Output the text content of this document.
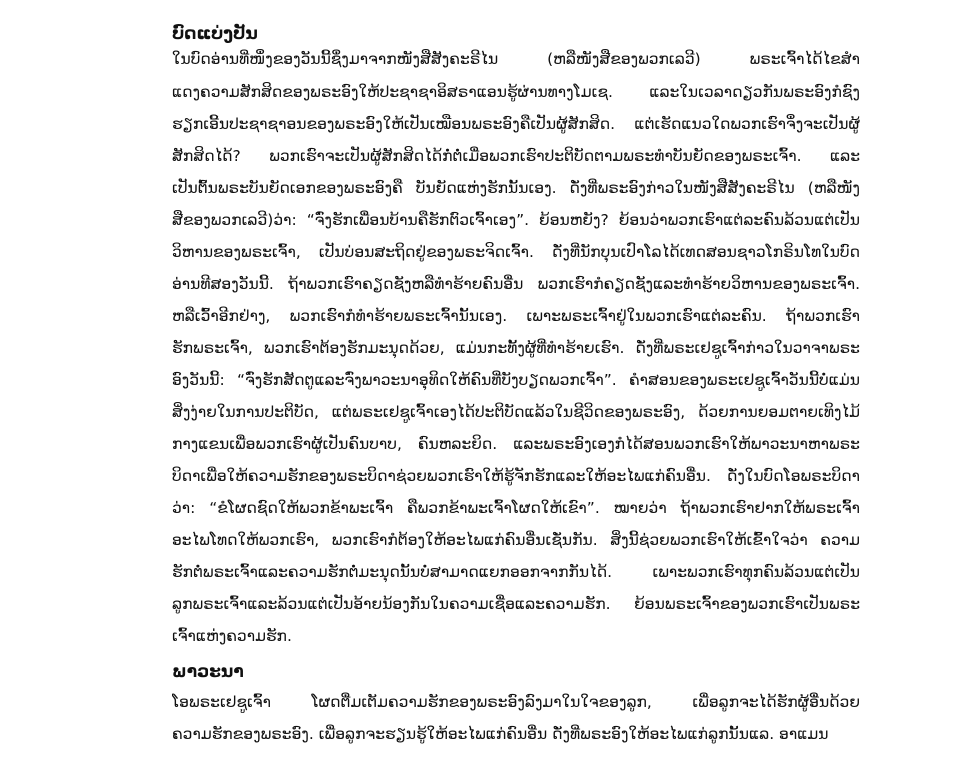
ບົດແບ່ງປັນ

ໃນບົດອ່ານທີ່ໜຶ່ງຂອງວັນນີ້ຊຶ່ງມາຈາກໜັງສືສັງຄະຣີໄນ (ຫລືໜັງສືຂອງພວກເລວີ) ພຣະເຈົ້າໄດ້ໄຂສຳ

ແດງຄວາມສັກສິດຂອງພຣະອົງໃຫ້ປະຊາຊາອິສຣາແອນຮູ້ຜ່ານທາງໂມເຊ. ແລະໃນເວລາດຽວກັນພຣະອົງກໍຊົງ

ຮຽກເອີ້ນປະຊາຊາອນຂອງພຣະອົງໃຫ້ເປັນເໝືອນພຣະອົງຄືເປັນຜູ້ສັກສິດ. ແຕ່ເຮັດແນວໃດພວກເຮົາຈຶ່ງຈະເປັນຜູ້

ສັກສິດໄດ້? ພວກເຮົາຈະເປັນຜູ້ສັກສິດໄດ້ກໍ່ຕໍ່ເມື່ອພວກເຮົາປະຕິບັດຕາມພຣະທຳບັນຍັດຂອງພຣະເຈົ້າ. ແລະ

ເປັນຕົ້ນພຣະບັນຍັດເອກຂອງພຣະອົງຄື ບັນຍັດແຫ່ງຮັກນັ້ນເອງ. ດັ່ງທີ່ພຣະອົງກ່າວໃນໜັງສືສັງຄະຣີໄນ (ຫລືໜັງ

ສືຂອງພວກເລວີ)ວ່າ: “ຈົ່ງຮັກເພື່ອນບ້ານຄືຮັກຕົວເຈົ້າເອງ”. ຍ້ອນຫຍັງ? ຍ້ອນວ່າພວກເຮົາແຕ່ລະຄົນລ້ວນແຕ່ເປັນ

ວິຫານຂອງພຣະເຈົ້າ, ເປັນບ່ອນສະຖິດຢູ່ຂອງພຣະຈິດເຈົ້າ. ດັ່ງທີ່ນັກບຸນເປົາໂລໄດ້ເທດສອນຊາວໂກຣິນໂທໃນບົດ

ອ່ານທີສອງວັນນີ້. ຖ້າພວກເຮົາຄຽດຊັງຫລືທຳຮ້າຍຄົນອື່ນ ພວກເຮົາກໍຄຽດຊັງແລະທຳຮ້າຍວິຫານຂອງພຣະເຈົ້າ.

ຫລືເວົ້າອີກຢ່າງ, ພວກເຮົາກໍທຳຮ້າຍພຣະເຈົ້ານັ້ນເອງ. ເພາະພຣະເຈົ້າຢູ່ໃນພວກເຮົາແຕ່ລະຄົນ. ຖ້າພວກເຮົາ

ຮັກພຣະເຈົ້າ, ພວກເຮົາຕ້ອງຮັກມະນຸດດ້ວຍ, ແມ່ນກະທັ້ງຜູ້ທີ່ທຳຮ້າຍເຮົາ. ດັ່ງທີ່ພຣະເຢຊູເຈົ້າກ່າວໃນວາຈາພຣະ

ອົງວັນນີ້: “ຈົ່ງຮັກສັດຕູແລະຈົ່ງພາວະນາອຸທິດໃຫ້ຄົນທີ່ບັງບຽດພວກເຈົ້າ”. ຄຳສອນຂອງພຣະເຢຊູເຈົ້າວັນນີ້ບໍ່ແມ່ນ

ສິ່ງງ່າຍໃນການປະຕິບັດ, ແຕ່ພຣະເຢຊູເຈົ້າເອງໄດ້ປະຕິບັດແລ້ວໃນຊີວິດຂອງພຣະອົງ, ດ້ວຍການຍອມຕາຍເທິງໄມ້

ກາງແຂນເພື່ອພວກເຮົາຜູ້ເປັນຄົນບາບ, ຄົນຫລະຍິດ. ແລະພຣະອົງເອງກໍໄດ້ສອນພວກເຮົາໃຫ້ພາວະນາຫາພຣະ

ບິດາເພື່ອໃຫ້ຄວາມຮັກຂອງພຣະບິດາຊ່ວຍພວກເຮົາໃຫ້ຮູ້ຈັກຮັກແລະໃຫ້ອະໄພແກ່ຄົນອື່ນ. ດັ່ງໃນບົດໂອພຣະບິດາ

ວ່າ: “ຂໍໂຜດຊົດໃຫ້ພວກຂ້າພະເຈົ້າ ຄືພວກຂ້າພະເຈົ້າໂຜດໃຫ້ເຂົາ”. ໝາຍວ່າ ຖ້າພວກເຮົາຢາກໃຫ້ພຣະເຈົ້າ

ອະໄພໂທດໃຫ້ພວກເຮົາ, ພວກເຮົາກໍຕ້ອງໃຫ້ອະໄພແກ່ຄົນອື່ນເຊັ່ນກັນ. ສິ່ງນີ້ຊ່ວຍພວກເຮົາໃຫ້ເຂົ້າໃຈວ່າ ຄວາມ

ຮັກຕໍ່ພຣະເຈົ້າແລະຄວາມຮັກຕໍ່ມະນຸດນັ້ນບໍ່ສາມາດແຍກອອກຈາກກັນໄດ້. ເພາະພວກເຮົາທຸກຄົນລ້ວນແຕ່ເປັນ

ລູກພຣະເຈົ້າແລະລ້ວນແຕ່ເປັນອ້າຍນ້ອງກັນໃນຄວາມເຊື່ອແລະຄວາມຮັກ. ຍ້ອນພຣະເຈົ້າຂອງພວກເຮົາເປັນພຣະ

ເຈົ້າແຫ່ງຄວາມຮັກ.

ພາວະນາ

ໂອພຣະເຢຊູເຈົ້າ ໂຜດຕື່ມເຕັມຄວາມຮັກຂອງພຣະອົງລົງມາໃນໃຈຂອງລູກ, ເພື່ອລູກຈະໄດ້ຮັກຜູ້ອື່ນດ້ວຍ

ຄວາມຮັກຂອງພຣະອົງ. ເພື່ອລູກຈະຮຽນຮູ້ໃຫ້ອະໄພແກ່ຄົນອື່ນ ດັ່ງທີ່ພຣະອົງໃຫ້ອະໄພແກ່ລູກນັ້ນແລ. ອາແມນ
